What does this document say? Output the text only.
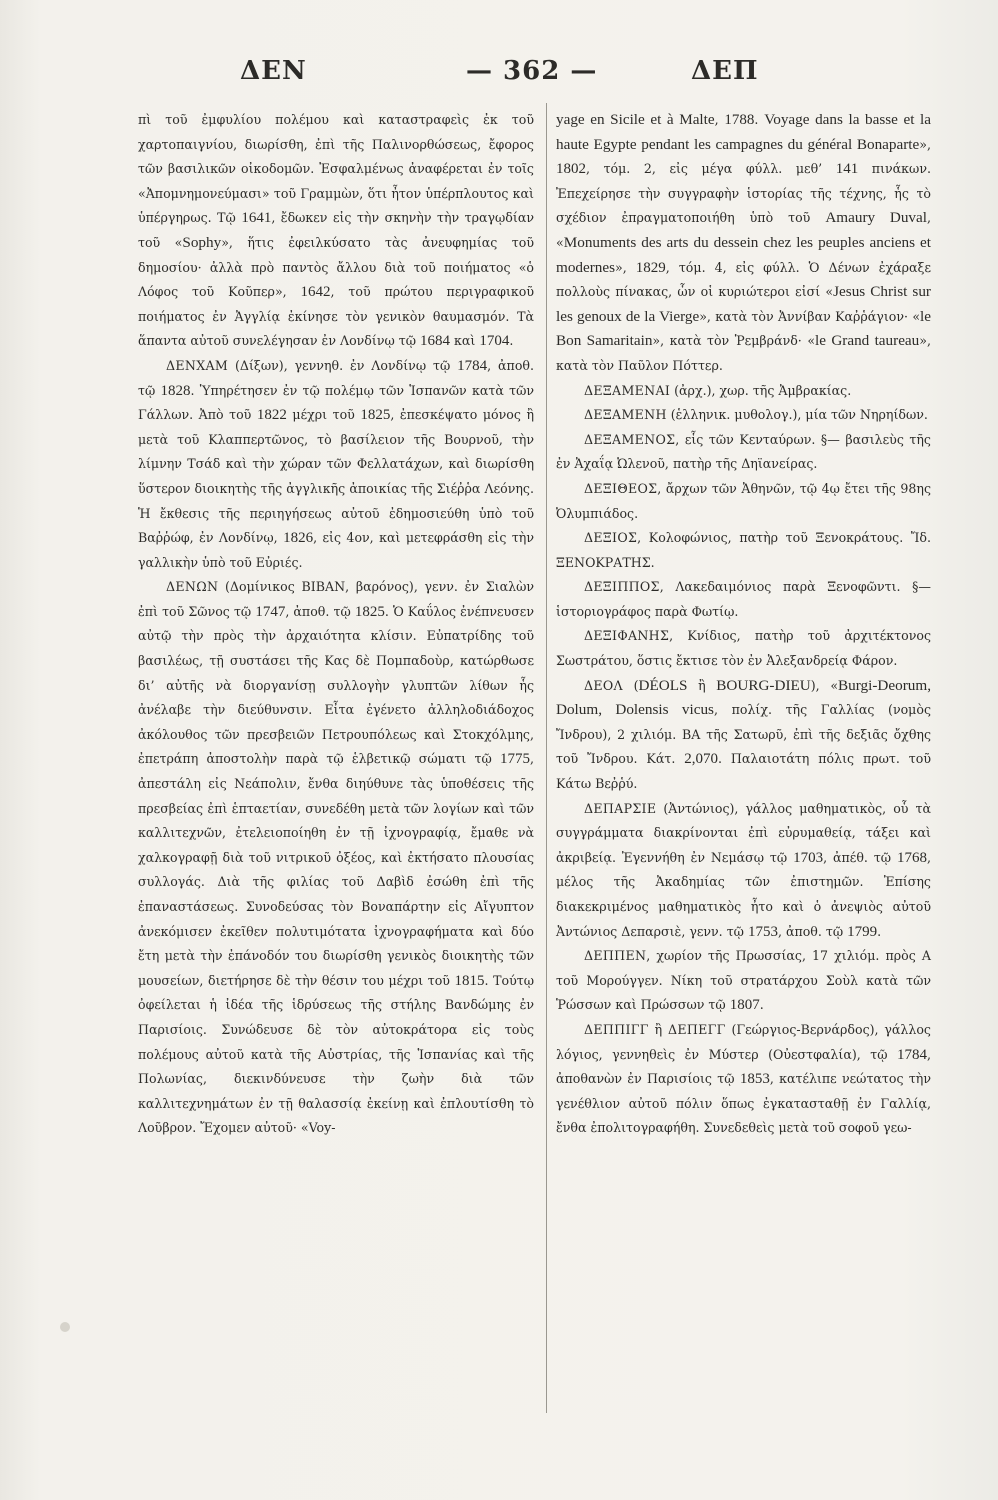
ΔΕΝ	— 362 —	ΔΕΠ

πὶ τοῦ ἐμφυλίου πολέμου καὶ καταστραφεὶς ἐκ τοῦ χαρτοπαιγνίου, διωρίσθη, ἐπὶ τῆς Παλινορθώσεως, ἔφορος τῶν βασιλικῶν οἰκοδομῶν. Ἐσφαλμένως ἀναφέρεται ἐν τοῖς «Ἀπομνημονεύμασι» τοῦ Γραμμὼν, ὅτι ἦτον ὑπέρπλουτος καὶ ὑπέργηρως. Τῷ 1641, ἔδωκεν εἰς τὴν σκηνὴν τὴν τραγῳδίαν τοῦ «Sophy», ἥτις ἐφειλκύσατο τὰς ἀνευφημίας τοῦ δημοσίου· ἀλλὰ πρὸ παντὸς ἄλλου διὰ τοῦ ποιήματος «ὁ Λόφος τοῦ Κοῦπερ», 1642, τοῦ πρώτου περιγραφικοῦ ποιήματος ἐν Ἀγγλίᾳ ἐκίνησε τὸν γενικὸν θαυμασμόν. Τὰ ἅπαντα αὐτοῦ συνελέγησαν ἐν Λονδίνῳ τῷ 1684 καὶ 1704.

ΔΕΝΧΑΜ (Δίξων), γεννηθ. ἐν Λονδίνῳ τῷ 1784, ἀποθ. τῷ 1828. Ὑπηρέτησεν ἐν τῷ πολέμῳ τῶν Ἱσπανῶν κατὰ τῶν Γάλλων. Ἀπὸ τοῦ 1822 μέχρι τοῦ 1825, ἐπεσκέψατο μόνος ἢ μετὰ τοῦ Κλαππερτῶνος, τὸ βασίλειον τῆς Βουρνοῦ, τὴν λίμνην Τσάδ καὶ τὴν χώραν τῶν Φελλατάχων, καὶ διωρίσθη ὕστερον διοικητὴς τῆς ἀγγλικῆς ἀποικίας τῆς Σιέῤῥα Λεόνης. Ἡ ἔκθεσις τῆς περιηγήσεως αὐτοῦ ἐδημοσιεύθη ὑπὸ τοῦ Βαῤῥώφ, ἐν Λονδίνῳ, 1826, εἰς 4ον, καὶ μετεφράσθη εἰς τὴν γαλλικὴν ὑπὸ τοῦ Εὐριές.

ΔΕΝΩΝ (Δομίνικος ΒΙΒΑΝ, βαρόνος), γενν. ἐν Σιαλὼν ἐπὶ τοῦ Σῶνος τῷ 1747, ἀποθ. τῷ 1825. Ὁ Καΰλος ἐνέπνευσεν αὐτῷ τὴν πρὸς τὴν ἀρχαιότητα κλίσιν. Εὐπατρίδης τοῦ βασιλέως, τῇ συστάσει τῆς Κας δὲ Πομπαδοὺρ, κατώρθωσε δι’ αὐτῆς νὰ διοργανίσῃ συλλογὴν γλυπτῶν λίθων ἧς ἀνέλαβε τὴν διεύθυνσιν. Εἶτα ἐγένετο ἀλληλοδιάδοχος ἀκόλουθος τῶν πρεσβειῶν Πετρουπόλεως καὶ Στοκχόλμης, ἐπετράπη ἀποστολὴν παρὰ τῷ ἑλβετικῷ σώματι τῷ 1775, ἀπεστάλη εἰς Νεάπολιν, ἔνθα διηύθυνε τὰς ὑποθέσεις τῆς πρεσβείας ἐπὶ ἑπταετίαν, συνεδέθη μετὰ τῶν λογίων καὶ τῶν καλλιτεχνῶν, ἐτελειοποίηθη ἐν τῇ ἰχνογραφίᾳ, ἔμαθε νὰ χαλκογραφῇ διὰ τοῦ νιτρικοῦ ὀξέος, καὶ ἐκτήσατο πλουσίας συλλογάς. Διὰ τῆς φιλίας τοῦ Δαβὶδ ἐσώθη ἐπὶ τῆς ἐπαναστάσεως. Συνοδεύσας τὸν Βοναπάρτην εἰς Αἴγυπτον ἀνεκόμισεν ἐκεῖθεν πολυτιμότατα ἰχνογραφήματα καὶ δύο ἔτη μετὰ τὴν ἐπάνοδόν του διωρίσθη γενικὸς διοικητὴς τῶν μουσείων, διετήρησε δὲ τὴν θέσιν του μέχρι τοῦ 1815. Τούτῳ ὀφείλεται ἡ ἰδέα τῆς ἱδρύσεως τῆς στήλης Βανδώμης ἐν Παρισίοις. Συνώδευσε δὲ τὸν αὐτοκράτορα εἰς τοὺς πολέμους αὐτοῦ κατὰ τῆς Αὐστρίας, τῆς Ἱσπανίας καὶ τῆς Πολωνίας, διεκινδύνευσε τὴν ζωὴν διὰ τῶν καλλιτεχνημάτων ἐν τῇ θαλασσίᾳ ἐκείνῃ καὶ ἐπλουτίσθη τὸ Λοῦβρον. Ἔχομεν αὐτοῦ· «Voy-

yage en Sicile et à Malte, 1788. Voyage dans la basse et la haute Egypte pendant les campagnes du général Bonaparte», 1802, τόμ. 2, εἰς μέγα φύλλ. μεθ’ 141 πινάκων. Ἐπεχείρησε τὴν συγγραφὴν ἱστορίας τῆς τέχνης, ἧς τὸ σχέδιον ἐπραγματοποιήθη ὑπὸ τοῦ Amaury Duval, «Monuments des arts du dessein chez les peuples anciens et modernes», 1829, τόμ. 4, εἰς φύλλ. Ὁ Δένων ἐχάραξε πολλοὺς πίνακας, ὧν οἱ κυριώτεροι εἰσί «Jesus Christ sur les genoux de la Vierge», κατὰ τὸν Ἀννίβαν Καῤῥάγιον· «le Bon Samaritain», κατὰ τὸν Ῥεμβράνδ· «le Grand taureau», κατὰ τὸν Παῦλον Πόττερ.

ΔΕΞΑΜΕΝΑΙ (ἀρχ.), χωρ. τῆς Ἀμβρακίας.

ΔΕΞΑΜΕΝΗ (ἑλληνικ. μυθολογ.), μία τῶν Νηρηίδων.

ΔΕΞΑΜΕΝΟΣ, εἷς τῶν Κενταύρων. §— βασιλεὺς τῆς ἐν Ἀχαΐᾳ Ὠλενοῦ, πατὴρ τῆς Δηϊανείρας.

ΔΕΞΙΘΕΟΣ, ἄρχων τῶν Ἀθηνῶν, τῷ 4ῳ ἔτει τῆς 98ης Ὀλυμπιάδος.

ΔΕΞΙΟΣ, Κολοφώνιος, πατὴρ τοῦ Ξενοκράτους. Ἴδ. ΞΕΝΟΚΡΑΤΗΣ.

ΔΕΞΙΠΠΟΣ, Λακεδαιμόνιος παρὰ Ξενοφῶντι. §— ἱστοριογράφος παρὰ Φωτίῳ.

ΔΕΞΙΦΑΝΗΣ, Κνίδιος, πατὴρ τοῦ ἀρχιτέκτονος Σωστράτου, ὅστις ἔκτισε τὸν ἐν Ἀλεξανδρείᾳ Φάρον.

ΔΕΟΛ (DÉOLS ἢ BOURG-DIEU), «Burgi-Deorum, Dolum, Dolensis vicus, πολίχ. τῆς Γαλλίας (νομὸς Ἴνδρου), 2 χιλιόμ. ΒΑ τῆς Σατωρῦ, ἐπὶ τῆς δεξιᾶς ὄχθης τοῦ Ἴνδρου. Κάτ. 2,070. Παλαιοτάτη πόλις πρωτ. τοῦ Κάτω Βεῤῥύ.

ΔΕΠΑΡΣΙΕ (Ἀντώνιος), γάλλος μαθηματικὸς, οὗ τὰ συγγράμματα διακρίνονται ἐπὶ εὐρυμαθείᾳ, τάξει καὶ ἀκριβείᾳ. Ἐγεννήθη ἐν Νεμάσῳ τῷ 1703, ἀπέθ. τῷ 1768, μέλος τῆς Ἀκαδημίας τῶν ἐπιστημῶν. Ἐπίσης διακεκριμένος μαθηματικὸς ἦτο καὶ ὁ ἀνεψιὸς αὐτοῦ Ἀντώνιος Δεπαρσιὲ, γενν. τῷ 1753, ἀποθ. τῷ 1799.

ΔΕΠΠΕΝ, χωρίον τῆς Πρωσσίας, 17 χιλιόμ. πρὸς Α τοῦ Μορούγγεν. Νίκη τοῦ στρατάρχου Σοὺλ κατὰ τῶν Ῥώσσων καὶ Πρώσσων τῷ 1807.

ΔΕΠΠΙΓΓ ἢ ΔΕΠΕΓΓ (Γεώργιος-Βερνάρδος), γάλλος λόγιος, γεννηθεὶς ἐν Μύστερ (Οὐεστφαλία), τῷ 1784, ἀποθανὼν ἐν Παρισίοις τῷ 1853, κατέλιπε νεώτατος τὴν γενέθλιον αὐτοῦ πόλιν ὅπως ἐγκατασταθῇ ἐν Γαλλίᾳ, ἔνθα ἐπολιτογραφήθη. Συνεδεθεὶς μετὰ τοῦ σοφοῦ γεω-
